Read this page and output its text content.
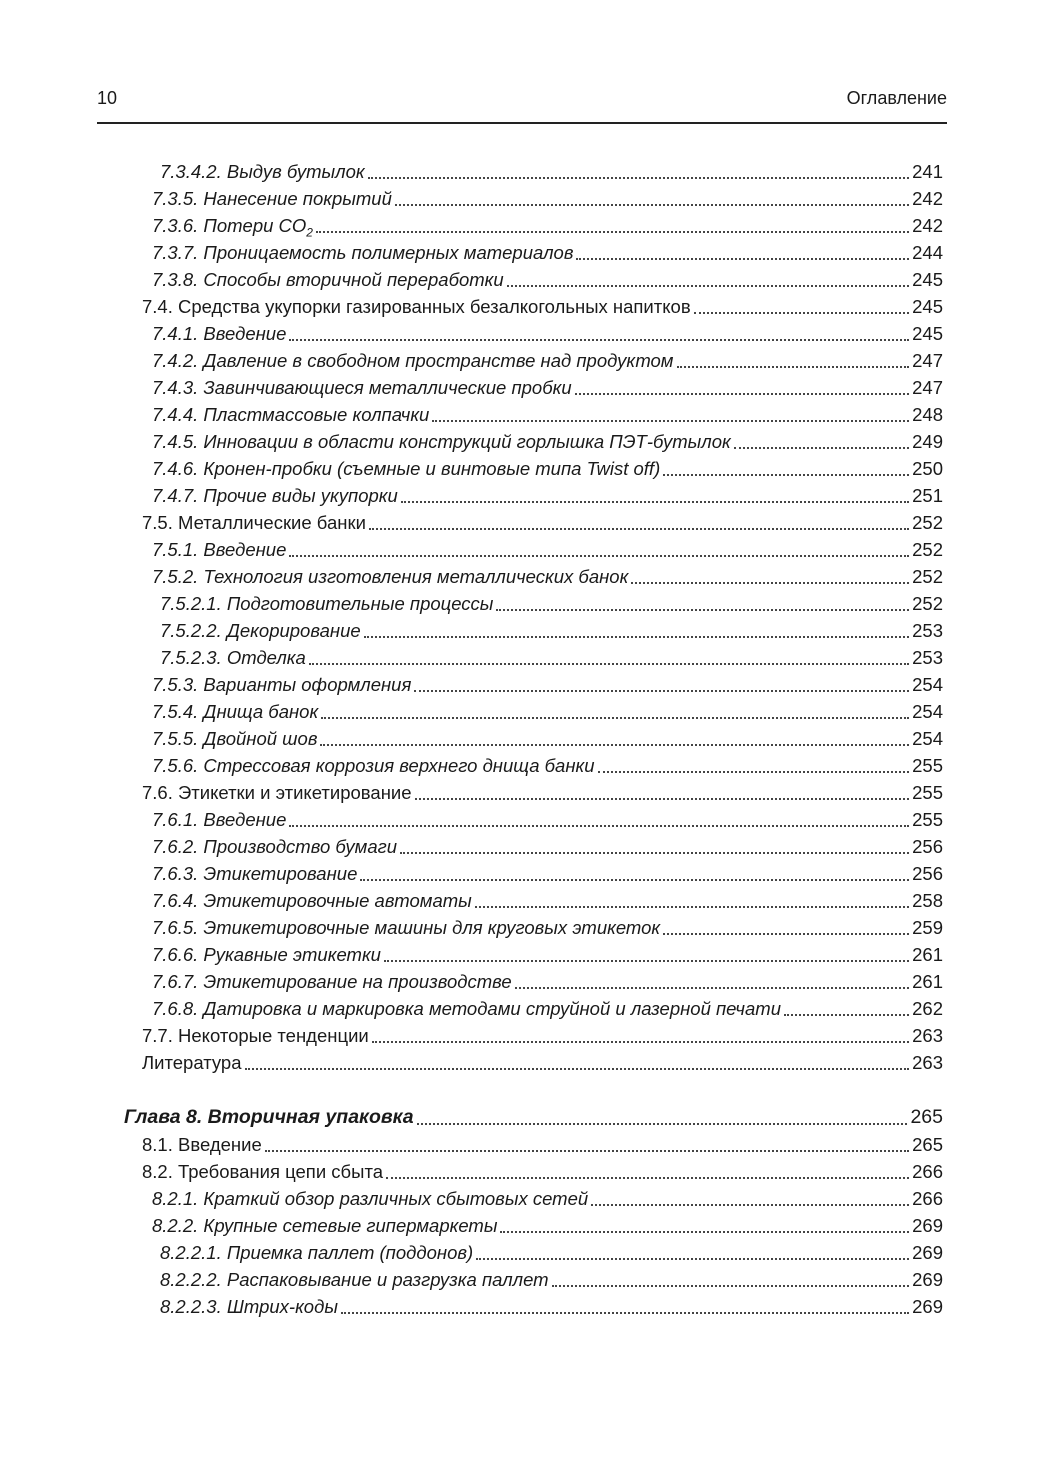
10	Оглавление
7.3.4.2. Выдув бутылок	241
7.3.5. Нанесение покрытий	242
7.3.6. Потери $CO_2$	242
7.3.7. Проницаемость полимерных материалов	244
7.3.8. Способы вторичной переработки	245
7.4. Средства укупорки газированных безалкогольных напитков	245
7.4.1. Введение	245
7.4.2. Давление в свободном пространстве над продуктом	247
7.4.3. Завинчивающиеся металлические пробки	247
7.4.4. Пластмассовые колпачки	248
7.4.5. Инновации в области конструкций горлышка ПЭТ-бутылок	249
7.4.6. Кронен-пробки (съемные и винтовые типа Twist off)	250
7.4.7. Прочие виды укупорки	251
7.5. Металлические банки	252
7.5.1. Введение	252
7.5.2. Технология изготовления металлических банок	252
7.5.2.1. Подготовительные процессы	252
7.5.2.2. Декорирование	253
7.5.2.3. Отделка	253
7.5.3. Варианты оформления	254
7.5.4. Днища банок	254
7.5.5. Двойной шов	254
7.5.6. Стрессовая коррозия верхнего днища банки	255
7.6. Этикетки и этикетирование	255
7.6.1. Введение	255
7.6.2. Производство бумаги	256
7.6.3. Этикетирование	256
7.6.4. Этикетировочные автоматы	258
7.6.5. Этикетировочные машины для круговых этикеток	259
7.6.6. Рукавные этикетки	261
7.6.7. Этикетирование на производстве	261
7.6.8. Датировка и маркировка методами струйной и лазерной печати	262
7.7. Некоторые тенденции	263
Литература	263
Глава 8. Вторичная упаковка	265
8.1. Введение	265
8.2. Требования цепи сбыта	266
8.2.1. Краткий обзор различных сбытовых сетей	266
8.2.2. Крупные сетевые гипермаркеты	269
8.2.2.1. Приемка паллет (поддонов)	269
8.2.2.2. Распаковывание и разгрузка паллет	269
8.2.2.3. Штрих-коды	269
